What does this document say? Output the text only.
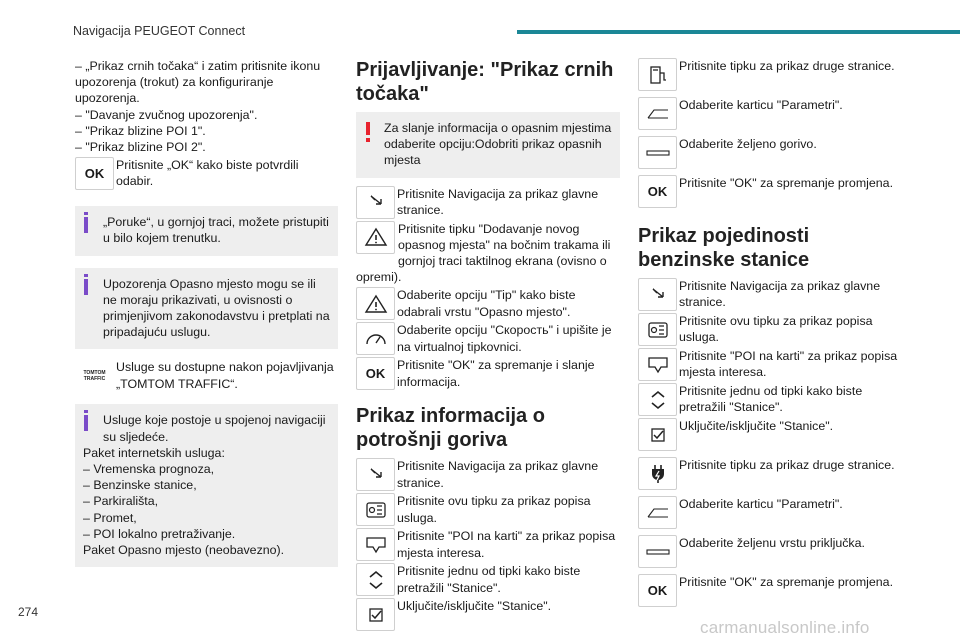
Navigacija PEUGEOT Connect
– „Prikaz crnih točaka“ i zatim pritisnite ikonu upozorenja (trokut) za konfiguriranje upozorenja.
– "Davanje zvučnog upozorenja".
– "Prikaz blizine POI 1".
– "Prikaz blizine POI 2".
OK
Pritisnite „OK“ kako biste potvrdili odabir.
„Poruke“, u gornjoj traci, možete pristupiti u bilo kojem trenutku.
Upozorenja Opasno mjesto mogu se ili ne moraju prikazivati, u ovisnosti o primjenjivom zakonodavstvu i pretplati na pripadajuću uslugu.
TOMTOM TRAFFIC
Usluge su dostupne nakon pojavljivanja „TOMTOM TRAFFIC“.
Usluge koje postoje u spojenoj navigaciji su sljedeće.
Paket internetskih usluga:
– Vremenska prognoza,
– Benzinske stanice,
– Parkirališta,
– Promet,
– POI lokalno pretraživanje.
Paket Opasno mjesto (neobavezno).
Prijavljivanje: "Prikaz crnih točaka"
Za slanje informacija o opasnim mjestima odaberite opciju:Odobriti prikaz opasnih mjesta
Pritisnite Navigacija za prikaz glavne stranice.
Pritisnite tipku "Dodavanje novog opasnog mjesta" na bočnim trakama ili gornjoj traci taktilnog ekrana (ovisno o opremi).
Odaberite opciju "Tip" kako biste odabrali vrstu "Opasno mjesto".
Odaberite opciju "Скорость" i upišite je na virtualnoj tipkovnici.
OK
Pritisnite "OK" za spremanje i slanje informacija.
Prikaz informacija o potrošnji goriva
Pritisnite Navigacija za prikaz glavne stranice.
Pritisnite ovu tipku za prikaz popisa usluga.
Pritisnite "POI na karti" za prikaz popisa mjesta interesa.
Pritisnite jednu od tipki kako biste pretražili "Stanice".
Uključite/isključite "Stanice".
Pritisnite tipku za prikaz druge stranice.
Odaberite karticu "Parametri".
Odaberite željeno gorivo.
OK
Pritisnite "OK" za spremanje promjena.
Prikaz pojedinosti benzinske stanice
Pritisnite Navigacija za prikaz glavne stranice.
Pritisnite ovu tipku za prikaz popisa usluga.
Pritisnite "POI na karti" za prikaz popisa mjesta interesa.
Pritisnite jednu od tipki kako biste pretražili "Stanice".
Uključite/isključite "Stanice".
Pritisnite tipku za prikaz druge stranice.
Odaberite karticu "Parametri".
Odaberite željenu vrstu priključka.
OK
Pritisnite "OK" za spremanje promjena.
274
carmanualsonline.info
